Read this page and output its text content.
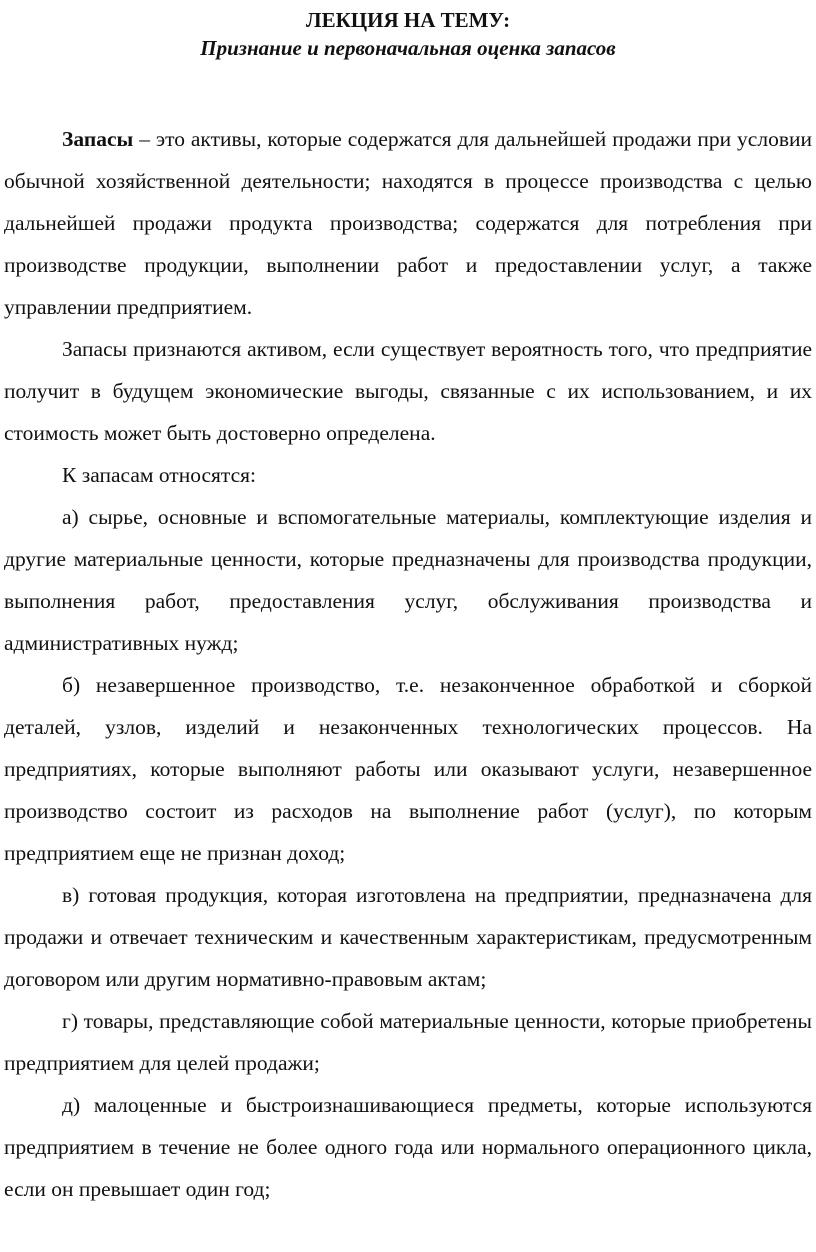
ЛЕКЦИЯ НА ТЕМУ:
Признание и первоначальная оценка запасов

Запасы – это активы, которые содержатся для дальнейшей продажи при условии обычной хозяйственной деятельности; находятся в процессе производства с целью дальнейшей продажи продукта производства; содержатся для потребления при производстве продукции, выполнении работ и предоставлении услуг, а также управлении предприятием.

Запасы признаются активом, если существует вероятность того, что предприятие получит в будущем экономические выгоды, связанные с их использованием, и их стоимость может быть достоверно определена.

К запасам относятся:

а) сырье, основные и вспомогательные материалы, комплектующие изделия и другие материальные ценности, которые предназначены для производства продукции, выполнения работ, предоставления услуг, обслуживания производства и административных нужд;

б) незавершенное производство, т.е. незаконченное обработкой и сборкой деталей, узлов, изделий и незаконченных технологических процессов. На предприятиях, которые выполняют работы или оказывают услуги, незавершенное производство состоит из расходов на выполнение работ (услуг), по которым предприятием еще не признан доход;

в) готовая продукция, которая изготовлена на предприятии, предназначена для продажи и отвечает техническим и качественным характеристикам, предусмотренным договором или другим нормативно-правовым актам;

г) товары, представляющие собой материальные ценности, которые приобретены предприятием для целей продажи;

д) малоценные и быстроизнашивающиеся предметы, которые используются предприятием в течение не более одного года или нормального операционного цикла, если он превышает один год;
